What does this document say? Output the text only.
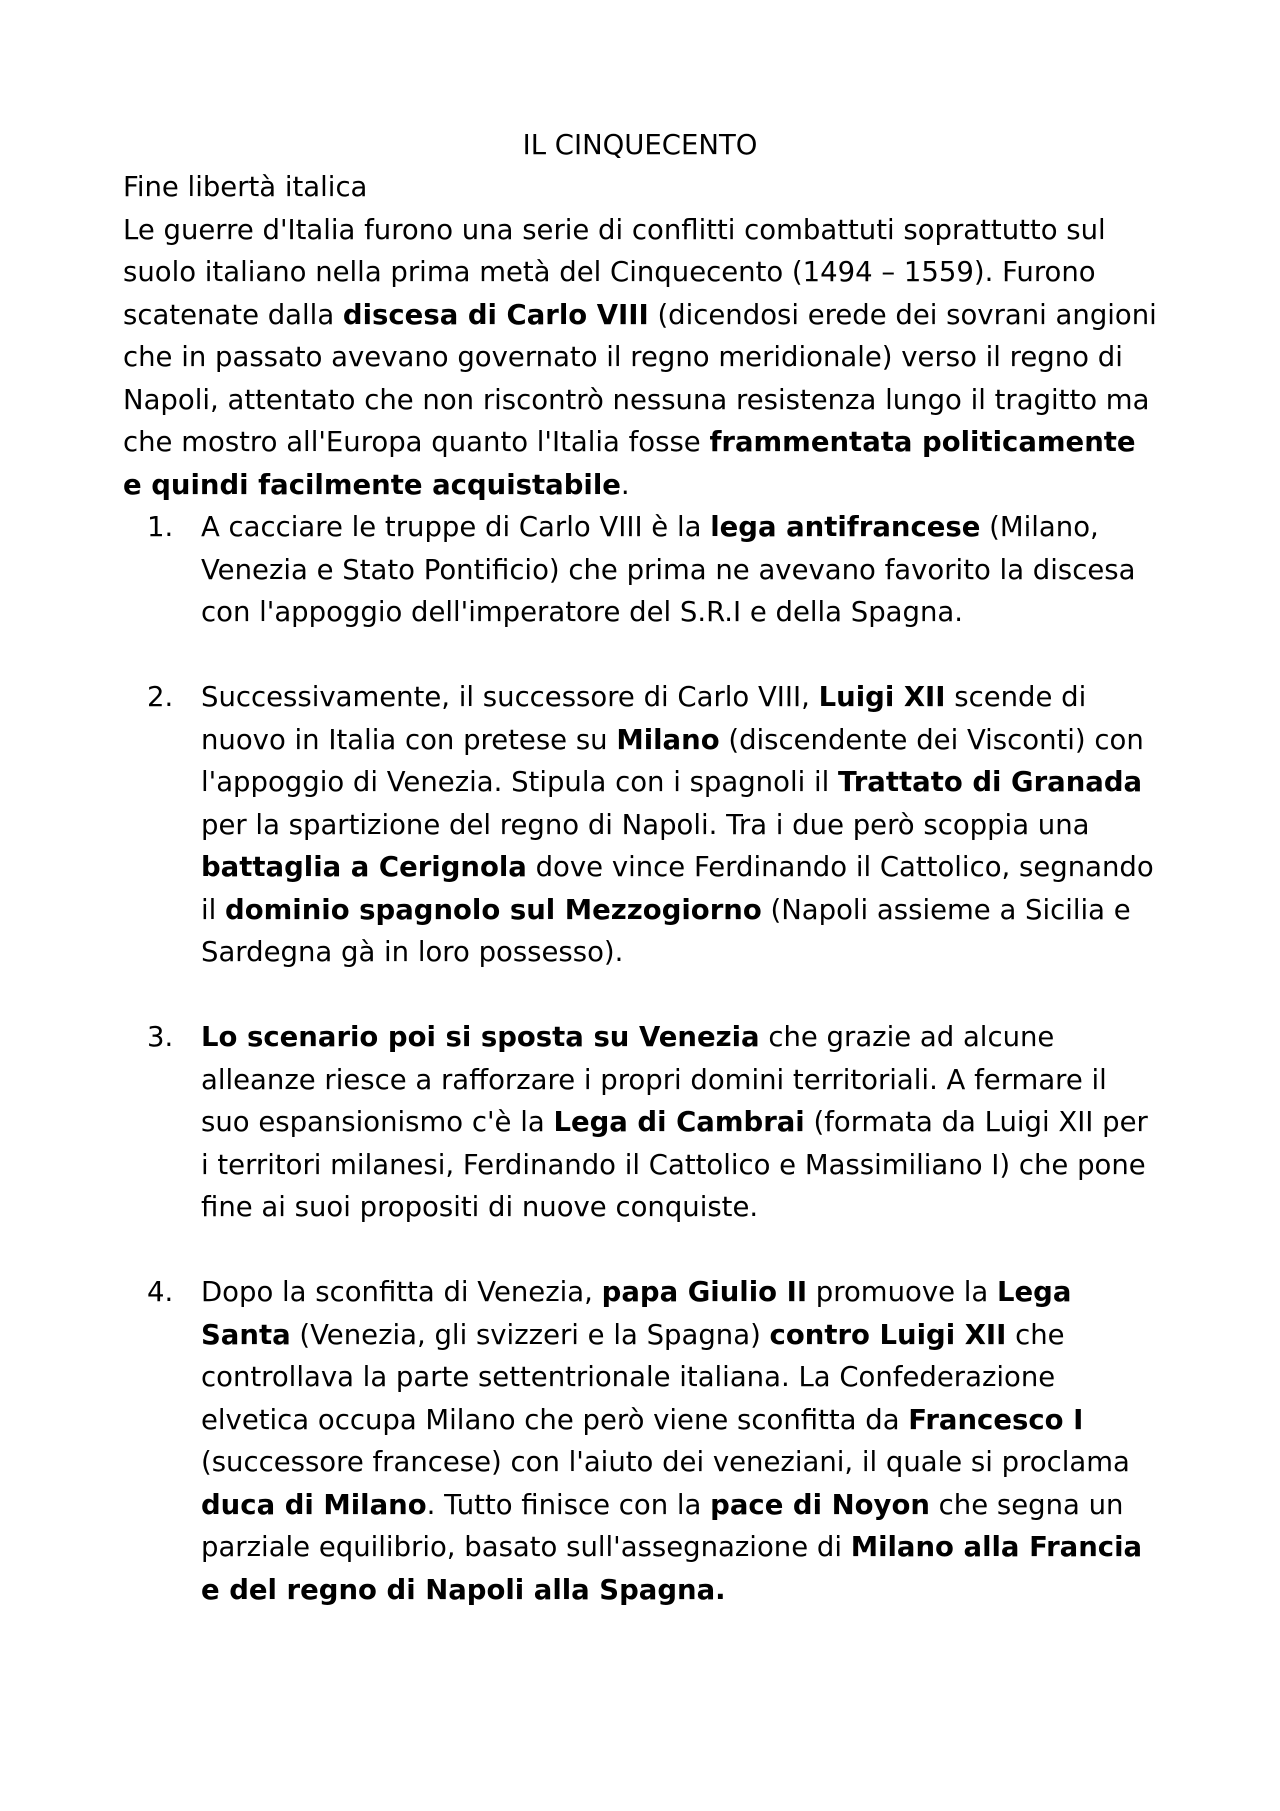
IL CINQUECENTO

Fine libertà italica

Le guerre d'Italia furono una serie di conflitti combattuti soprattutto sul suolo italiano nella prima metà del Cinquecento (1494 – 1559). Furono scatenate dalla discesa di Carlo VIII (dicendosi erede dei sovrani angioni che in passato avevano governato il regno meridionale) verso il regno di Napoli, attentato che non riscontrò nessuna resistenza lungo il tragitto ma che mostro all'Europa quanto l'Italia fosse frammentata politicamente e quindi facilmente acquistabile.

1. A cacciare le truppe di Carlo VIII è la lega antifrancese (Milano, Venezia e Stato Pontificio) che prima ne avevano favorito la discesa con l'appoggio dell'imperatore del S.R.I e della Spagna.
2. Successivamente, il successore di Carlo VIII, Luigi XII scende di nuovo in Italia con pretese su Milano (discendente dei Visconti) con l'appoggio di Venezia. Stipula con i spagnoli il Trattato di Granada per la spartizione del regno di Napoli. Tra i due però scoppia una battaglia a Cerignola dove vince Ferdinando il Cattolico, segnando il dominio spagnolo sul Mezzogiorno (Napoli assieme a Sicilia e Sardegna gà in loro possesso).
3. Lo scenario poi si sposta su Venezia che grazie ad alcune alleanze riesce a rafforzare i propri domini territoriali. A fermare il suo espansionismo c'è la Lega di Cambrai (formata da Luigi XII per i territori milanesi, Ferdinando il Cattolico e Massimiliano I) che pone fine ai suoi propositi di nuove conquiste.
4. Dopo la sconfitta di Venezia, papa Giulio II promuove la Lega Santa (Venezia, gli svizzeri e la Spagna) contro Luigi XII che controllava la parte settentrionale italiana. La Confederazione elvetica occupa Milano che però viene sconfitta da Francesco I (successore francese) con l'aiuto dei veneziani, il quale si proclama duca di Milano. Tutto finisce con la pace di Noyon che segna un parziale equilibrio, basato sull'assegnazione di Milano alla Francia e del regno di Napoli alla Spagna.
